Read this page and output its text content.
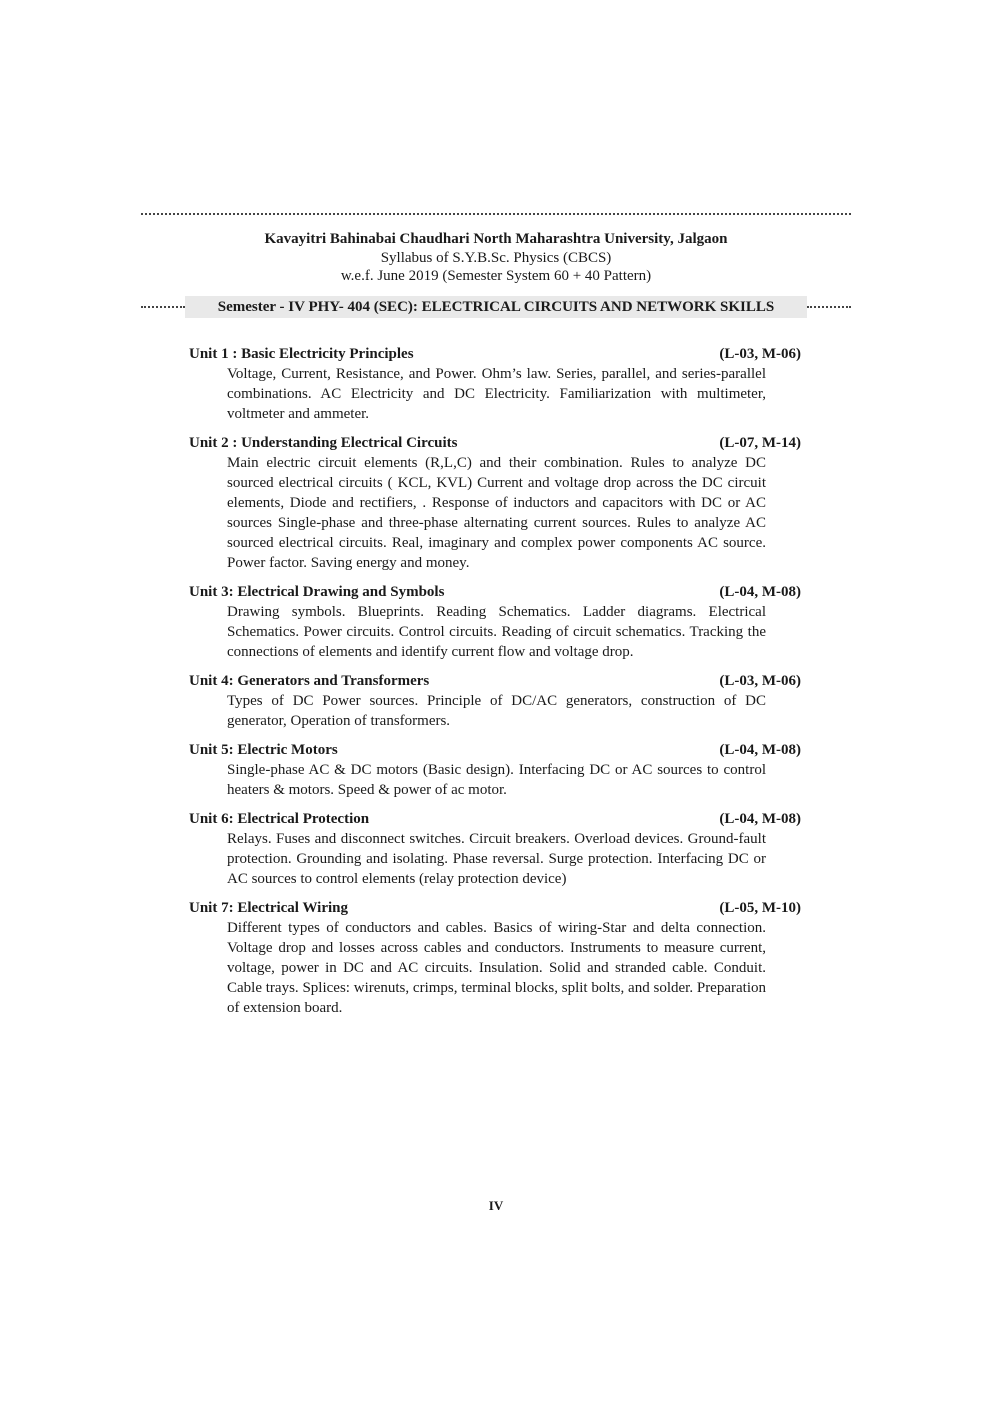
Kavayitri Bahinabai Chaudhari North Maharashtra University, Jalgaon
Syllabus of S.Y.B.Sc. Physics (CBCS)
w.e.f. June 2019 (Semester System 60 + 40 Pattern)
Semester - IV PHY- 404 (SEC): ELECTRICAL CIRCUITS AND NETWORK SKILLS
Unit 1 : Basic Electricity Principles	(L-03, M-06)
Voltage, Current, Resistance, and Power. Ohm’s law. Series, parallel, and series-parallel combinations. AC Electricity and DC Electricity. Familiarization with multimeter, voltmeter and ammeter.
Unit 2 : Understanding Electrical Circuits	(L-07, M-14)
Main electric circuit elements (R,L,C) and their combination. Rules to analyze DC sourced electrical circuits ( KCL, KVL) Current and voltage drop across the DC circuit elements, Diode and rectifiers, . Response of inductors and capacitors with DC or AC sources Single-phase and three-phase alternating current sources. Rules to analyze AC sourced electrical circuits. Real, imaginary and complex power components AC source. Power factor. Saving energy and money.
Unit 3: Electrical Drawing and Symbols	(L-04, M-08)
Drawing symbols. Blueprints. Reading Schematics. Ladder diagrams. Electrical Schematics. Power circuits. Control circuits. Reading of circuit schematics. Tracking the connections of elements and identify current flow and voltage drop.
Unit 4: Generators and Transformers	(L-03, M-06)
Types of DC Power sources. Principle of DC/AC generators, construction of DC generator, Operation of transformers.
Unit 5: Electric Motors	(L-04, M-08)
Single-phase AC & DC motors (Basic design). Interfacing DC or AC sources to control heaters & motors. Speed & power of ac motor.
Unit 6: Electrical Protection	(L-04, M-08)
Relays. Fuses and disconnect switches. Circuit breakers. Overload devices. Ground-fault protection. Grounding and isolating. Phase reversal. Surge protection. Interfacing DC or AC sources to control elements (relay protection device)
Unit 7: Electrical Wiring	(L-05, M-10)
Different types of conductors and cables. Basics of wiring-Star and delta connection. Voltage drop and losses across cables and conductors. Instruments to measure current, voltage, power in DC and AC circuits. Insulation. Solid and stranded cable. Conduit. Cable trays. Splices: wirenuts, crimps, terminal blocks, split bolts, and solder. Preparation of extension board.
IV
